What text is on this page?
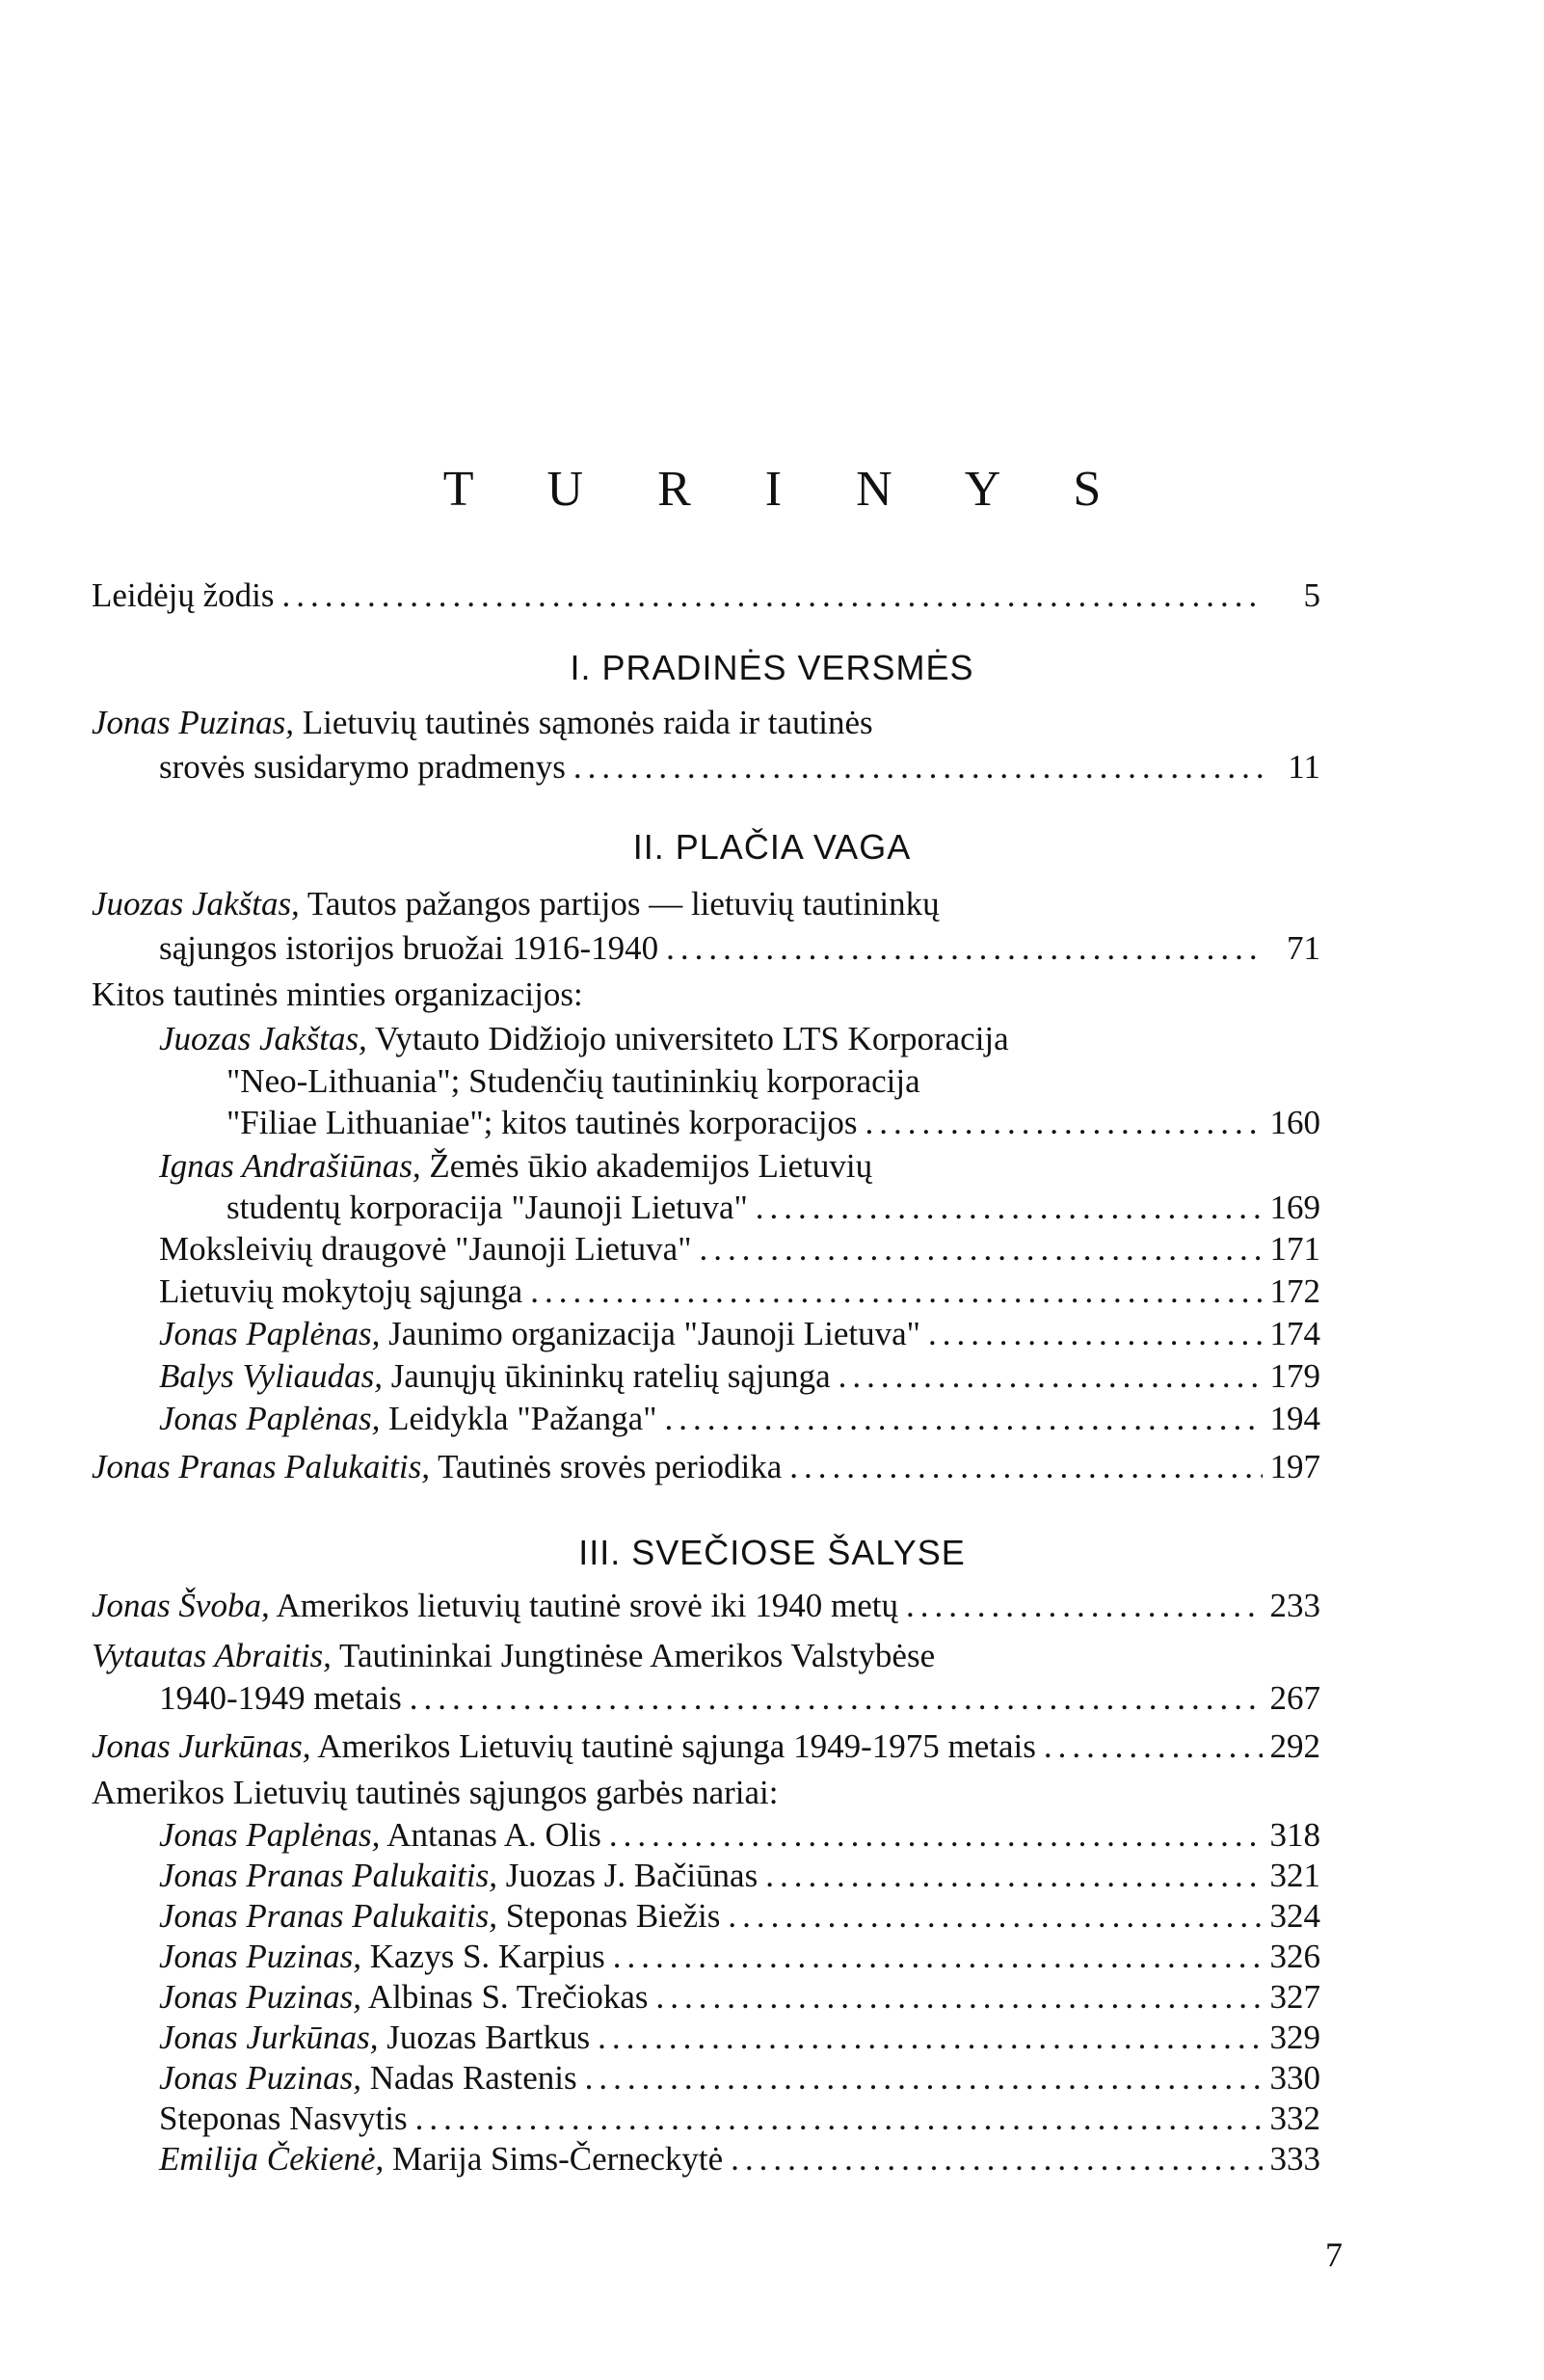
T U R I N Y S
Leidėjų žodis .....	5
I. PRADINĖS VERSMĖS
Jonas Puzinas, Lietuvių tautinės sąmonės raida ir tautinės
srovės susidarymo pradmenys .....	11
II. PLAČIA VAGA
Juozas Jakštas, Tautos pažangos partijos — lietuvių tautininkų
sąjungos istorijos bruožai 1916-1940 .....	71
Kitos tautinės minties organizacijos:
Juozas Jakštas, Vytauto Didžiojo universiteto LTS Korporacija
"Neo-Lithuania"; Studenčių tautininkių korporacija
"Filiae Lithuaniae"; kitos tautinės korporacijos .....	160
Ignas Andrašiūnas, Žemės ūkio akademijos Lietuvių
studentų korporacija "Jaunoji Lietuva" .....	169
Moksleivių draugovė "Jaunoji Lietuva" .....	171
Lietuvių mokytojų sąjunga .....	172
Jonas Paplėnas, Jaunimo organizacija "Jaunoji Lietuva" .....	174
Balys Vyliaudas, Jaunųjų ūkininkų ratelių sąjunga .....	179
Jonas Paplėnas, Leidykla "Pažanga" .....	194
Jonas Pranas Palukaitis, Tautinės srovės periodika .....	197
III. SVEČIOSE ŠALYSE
Jonas Švoba, Amerikos lietuvių tautinė srovė iki 1940 metų .....	233
Vytautas Abraitis, Tautininkai Jungtinėse Amerikos Valstybėse
1940-1949 metais .....	267
Jonas Jurkūnas, Amerikos Lietuvių tautinė sąjunga 1949-1975 metais .....	292
Amerikos Lietuvių tautinės sąjungos garbės nariai:
Jonas Paplėnas, Antanas A. Olis .....	318
Jonas Pranas Palukaitis, Juozas J. Bačiūnas .....	321
Jonas Pranas Palukaitis, Steponas Biežis .....	324
Jonas Puzinas, Kazys S. Karpius .....	326
Jonas Puzinas, Albinas S. Trečiokas .....	327
Jonas Jurkūnas, Juozas Bartkus .....	329
Jonas Puzinas, Nadas Rastenis .....	330
Steponas Nasvytis .....	332
Emilija Čekienė, Marija Sims-Černeckytė .....	333
7
